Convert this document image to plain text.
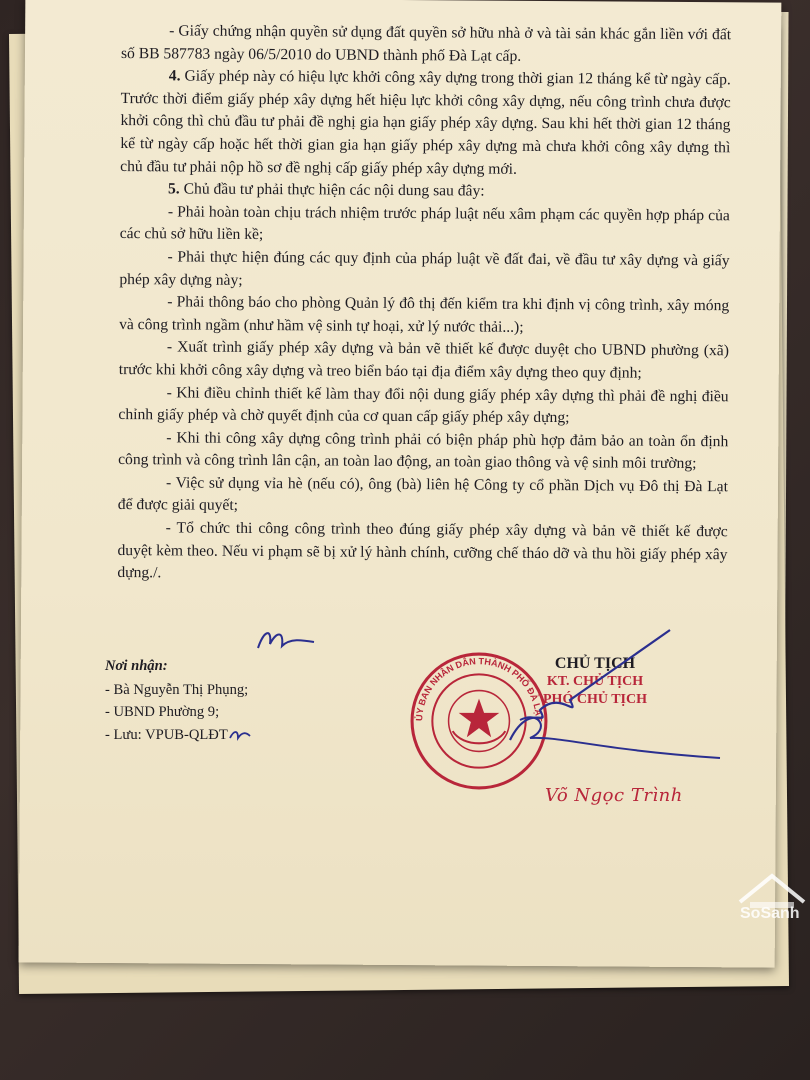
- Giấy chứng nhận quyền sử dụng đất quyền sở hữu nhà ở và tài sản khác gắn liền với đất số BB 587783 ngày 06/5/2010 do UBND thành phố Đà Lạt cấp.

4. Giấy phép này có hiệu lực khởi công xây dựng trong thời gian 12 tháng kể từ ngày cấp. Trước thời điểm giấy phép xây dựng hết hiệu lực khởi công xây dựng, nếu công trình chưa được khởi công thì chủ đầu tư phải đề nghị gia hạn giấy phép xây dựng. Sau khi hết thời gian 12 tháng kể từ ngày cấp hoặc hết thời gian gia hạn giấy phép xây dựng mà chưa khởi công xây dựng thì chủ đầu tư phải nộp hồ sơ đề nghị cấp giấy phép xây dựng mới.

5. Chủ đầu tư phải thực hiện các nội dung sau đây:

- Phải hoàn toàn chịu trách nhiệm trước pháp luật nếu xâm phạm các quyền hợp pháp của các chủ sở hữu liền kề;

- Phải thực hiện đúng các quy định của pháp luật về đất đai, về đầu tư xây dựng và giấy phép xây dựng này;

- Phải thông báo cho phòng Quản lý đô thị đến kiểm tra khi định vị công trình, xây móng và công trình ngầm (như hầm vệ sinh tự hoại, xử lý nước thải...);

- Xuất trình giấy phép xây dựng và bản vẽ thiết kế được duyệt cho UBND phường (xã) trước khi khởi công xây dựng và treo biển báo tại địa điểm xây dựng theo quy định;

- Khi điều chỉnh thiết kế làm thay đổi nội dung giấy phép xây dựng thì phải đề nghị điều chỉnh giấy phép và chờ quyết định của cơ quan cấp giấy phép xây dựng;

- Khi thi công xây dựng công trình phải có biện pháp phù hợp đảm bảo an toàn ổn định công trình và công trình lân cận, an toàn lao động, an toàn giao thông và vệ sinh môi trường;

- Việc sử dụng vỉa hè (nếu có), ông (bà) liên hệ Công ty cổ phần Dịch vụ Đô thị Đà Lạt để được giải quyết;

- Tổ chức thi công công trình theo đúng giấy phép xây dựng và bản vẽ thiết kế được duyệt kèm theo. Nếu vi phạm sẽ bị xử lý hành chính, cưỡng chế tháo dỡ và thu hồi giấy phép xây dựng./.

Nơi nhận:
- Bà Nguyễn Thị Phụng;
- UBND Phường 9;
- Lưu: VPUB-QLĐT
ỦY BAN NHÂN DÂN THÀNH PHỐ ĐÀ LẠT
CHỦ TỊCH
KT. CHỦ TỊCH
PHÓ CHỦ TỊCH
Võ Ngọc Trình
SoSanh
